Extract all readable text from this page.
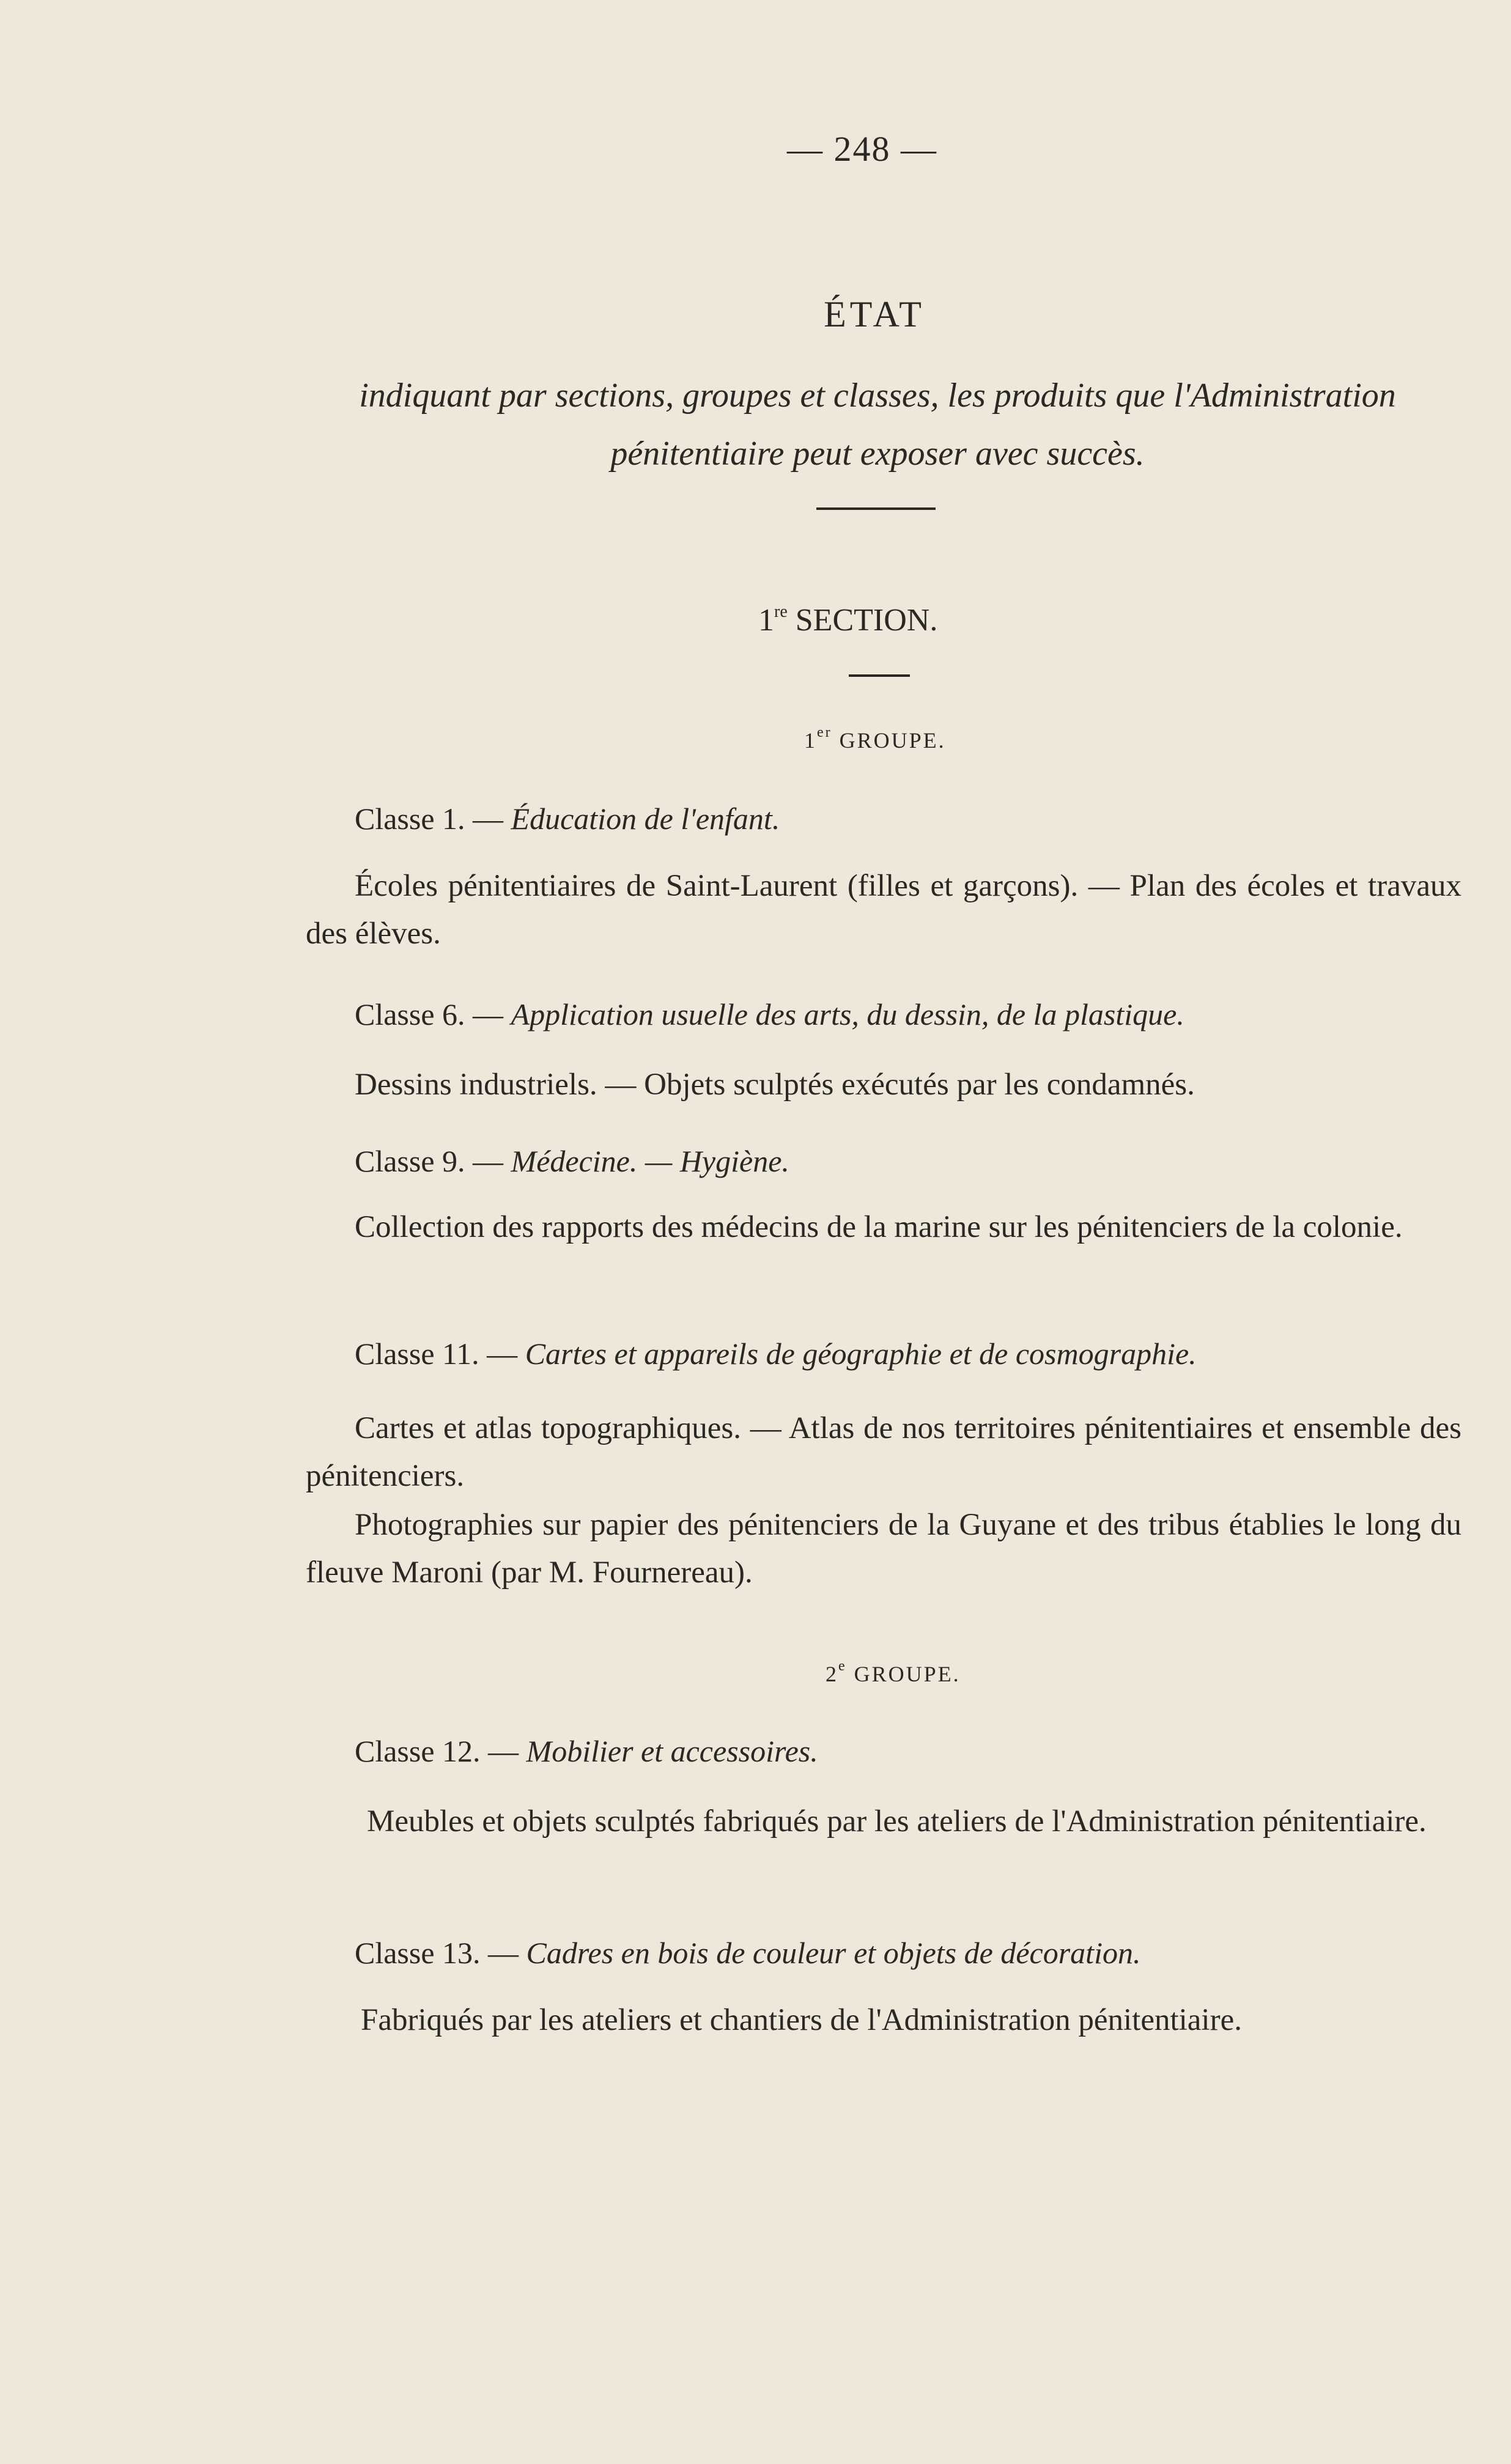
— 248 —
ÉTAT
indiquant par sections, groupes et classes, les produits que l'Administration pénitentiaire peut exposer avec succès.
1re SECTION.
1er GROUPE.
Classe 1. — Éducation de l'enfant.
Écoles pénitentiaires de Saint-Laurent (filles et garçons). — Plan des écoles et travaux des élèves.
Classe 6. — Application usuelle des arts, du dessin, de la plastique.
Dessins industriels. — Objets sculptés exécutés par les condamnés.
Classe 9. — Médecine. — Hygiène.
Collection des rapports des médecins de la marine sur les pénitenciers de la colonie.
Classe 11. — Cartes et appareils de géographie et de cosmographie.
Cartes et atlas topographiques. — Atlas de nos territoires pénitentiaires et ensemble des pénitenciers.
Photographies sur papier des pénitenciers de la Guyane et des tribus établies le long du fleuve Maroni (par M. Fournereau).
2e GROUPE.
Classe 12. — Mobilier et accessoires.
Meubles et objets sculptés fabriqués par les ateliers de l'Administration pénitentiaire.
Classe 13. — Cadres en bois de couleur et objets de décoration.
Fabriqués par les ateliers et chantiers de l'Administration pénitentiaire.
